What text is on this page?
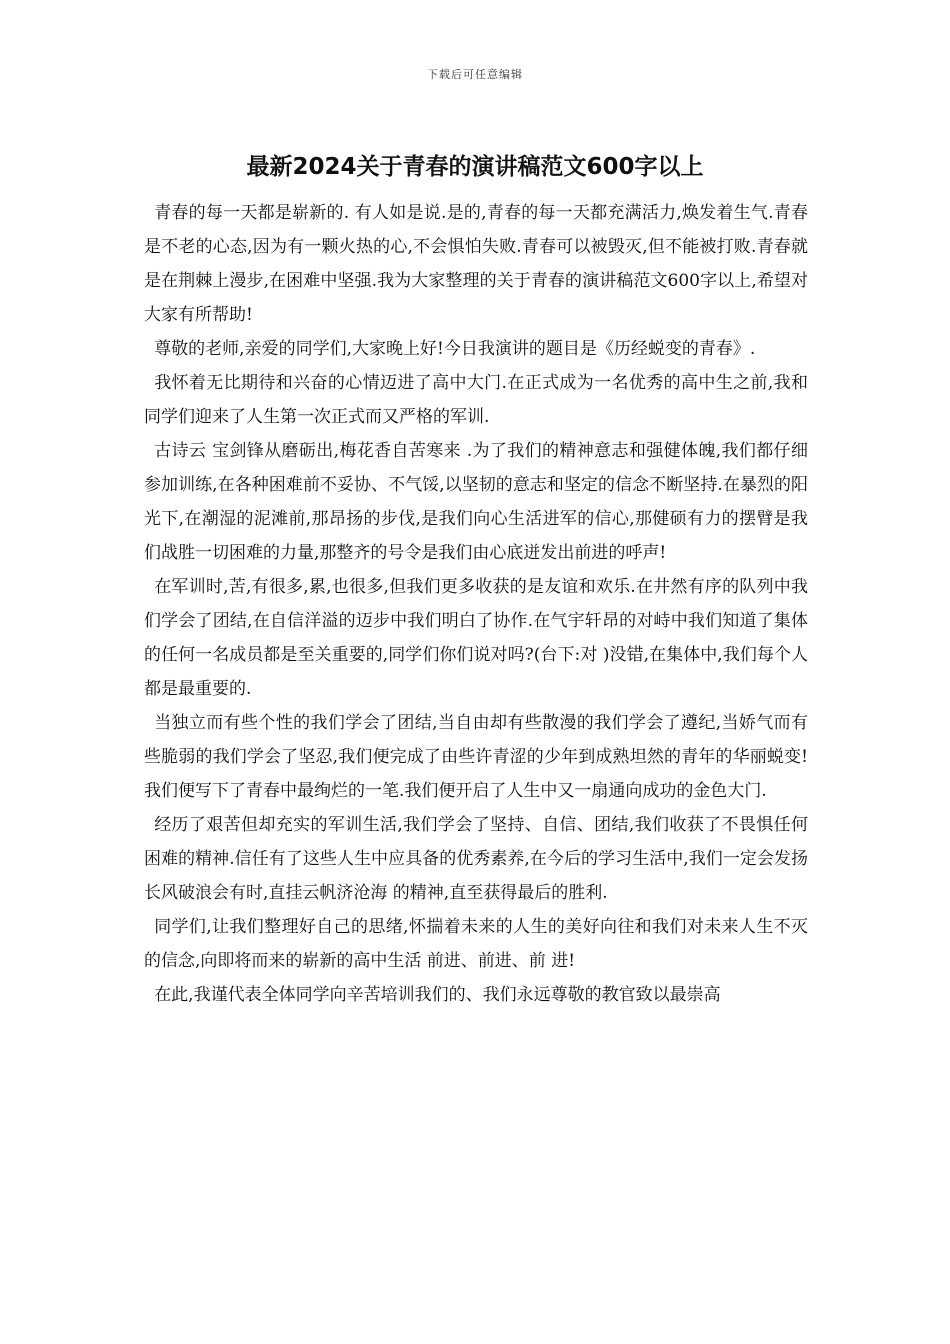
下载后可任意编辑
最新2024关于青春的演讲稿范文600字以上

青春的每一天都是崭新的. 有人如是说.是的,青春的每一天都充满活力,焕发着生气.青春是不老的心态,因为有一颗火热的心,不会惧怕失败.青春可以被毁灭,但不能被打败.青春就是在荆棘上漫步,在困难中坚强.我为大家整理的关于青春的演讲稿范文600字以上,希望对大家有所帮助!

尊敬的老师,亲爱的同学们,大家晚上好!今日我演讲的题目是《历经蜕变的青春》.

我怀着无比期待和兴奋的心情迈进了高中大门.在正式成为一名优秀的高中生之前,我和同学们迎来了人生第一次正式而又严格的军训.

古诗云 宝剑锋从磨砺出,梅花香自苦寒来 .为了我们的精神意志和强健体魄,我们都仔细参加训练,在各种困难前不妥协、不气馁,以坚韧的意志和坚定的信念不断坚持.在暴烈的阳光下,在潮湿的泥滩前,那昂扬的步伐,是我们向心生活进军的信心,那健硕有力的摆臂是我们战胜一切困难的力量,那整齐的号令是我们由心底迸发出前进的呼声!

在军训时,苦,有很多,累,也很多,但我们更多收获的是友谊和欢乐.在井然有序的队列中我们学会了团结,在自信洋溢的迈步中我们明白了协作.在气宇轩昂的对峙中我们知道了集体的任何一名成员都是至关重要的,同学们你们说对吗?(台下:对 )没错,在集体中,我们每个人都是最重要的.

当独立而有些个性的我们学会了团结,当自由却有些散漫的我们学会了遵纪,当娇气而有些脆弱的我们学会了坚忍,我们便完成了由些许青涩的少年到成熟坦然的青年的华丽蜕变!我们便写下了青春中最绚烂的一笔.我们便开启了人生中又一扇通向成功的金色大门.

经历了艰苦但却充实的军训生活,我们学会了坚持、自信、团结,我们收获了不畏惧任何困难的精神.信任有了这些人生中应具备的优秀素养,在今后的学习生活中,我们一定会发扬 长风破浪会有时,直挂云帆济沧海 的精神,直至获得最后的胜利.

同学们,让我们整理好自己的思绪,怀揣着未来的人生的美好向往和我们对未来人生不灭的信念,向即将而来的崭新的高中生活 前进、前进、前 进!

在此,我谨代表全体同学向辛苦培训我们的、我们永远尊敬的教官致以最崇高
